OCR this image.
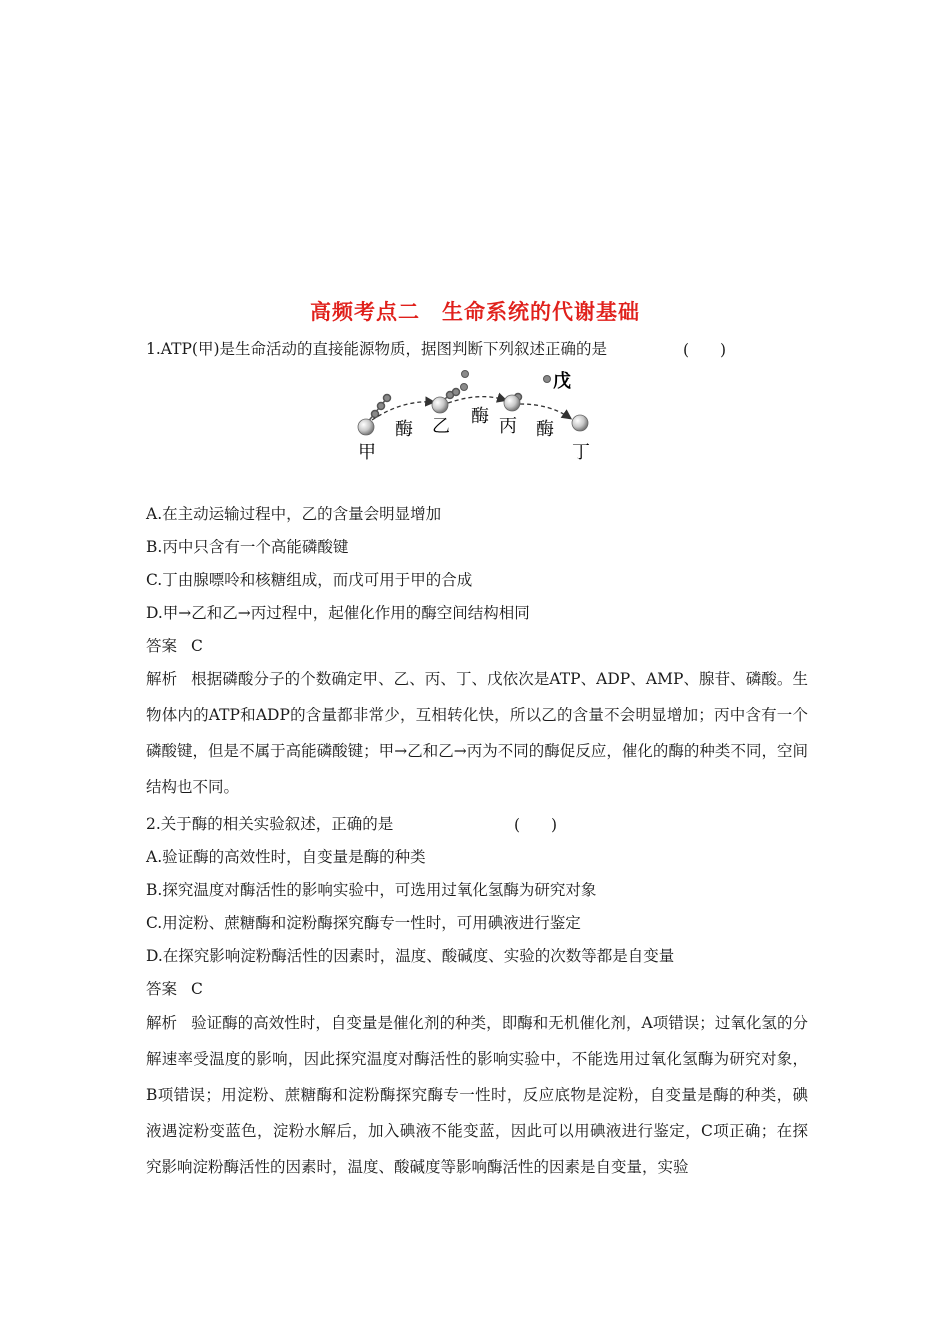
高频考点二　生命系统的代谢基础
1.ATP(甲)是生命活动的直接能源物质，据图判断下列叙述正确的是	(　　)
甲
酶 乙 酶 丙 酶
戊
丁
A.在主动运输过程中，乙的含量会明显增加
B.丙中只含有一个高能磷酸键
C.丁由腺嘌呤和核糖组成，而戊可用于甲的合成
D.甲→乙和乙→丙过程中，起催化作用的酶空间结构相同
答案 C
解析 根据磷酸分子的个数确定甲、乙、丙、丁、戊依次是ATP、ADP、AMP、腺苷、磷酸。生物体内的ATP和ADP的含量都非常少，互相转化快，所以乙的含量不会明显增加；丙中含有一个磷酸键，但是不属于高能磷酸键；甲→乙和乙→丙为不同的酶促反应，催化的酶的种类不同，空间结构也不同。
2.关于酶的相关实验叙述，正确的是	(　　)
A.验证酶的高效性时，自变量是酶的种类
B.探究温度对酶活性的影响实验中，可选用过氧化氢酶为研究对象
C.用淀粉、蔗糖酶和淀粉酶探究酶专一性时，可用碘液进行鉴定
D.在探究影响淀粉酶活性的因素时，温度、酸碱度、实验的次数等都是自变量
答案 C
解析 验证酶的高效性时，自变量是催化剂的种类，即酶和无机催化剂，A项错误；过氧化氢的分解速率受温度的影响，因此探究温度对酶活性的影响实验中，不能选用过氧化氢酶为研究对象，B项错误；用淀粉、蔗糖酶和淀粉酶探究酶专一性时，反应底物是淀粉，自变量是酶的种类，碘液遇淀粉变蓝色，淀粉水解后，加入碘液不能变蓝，因此可以用碘液进行鉴定，C项正确；在探究影响淀粉酶活性的因素时，温度、酸碱度等影响酶活性的因素是自变量，实验
